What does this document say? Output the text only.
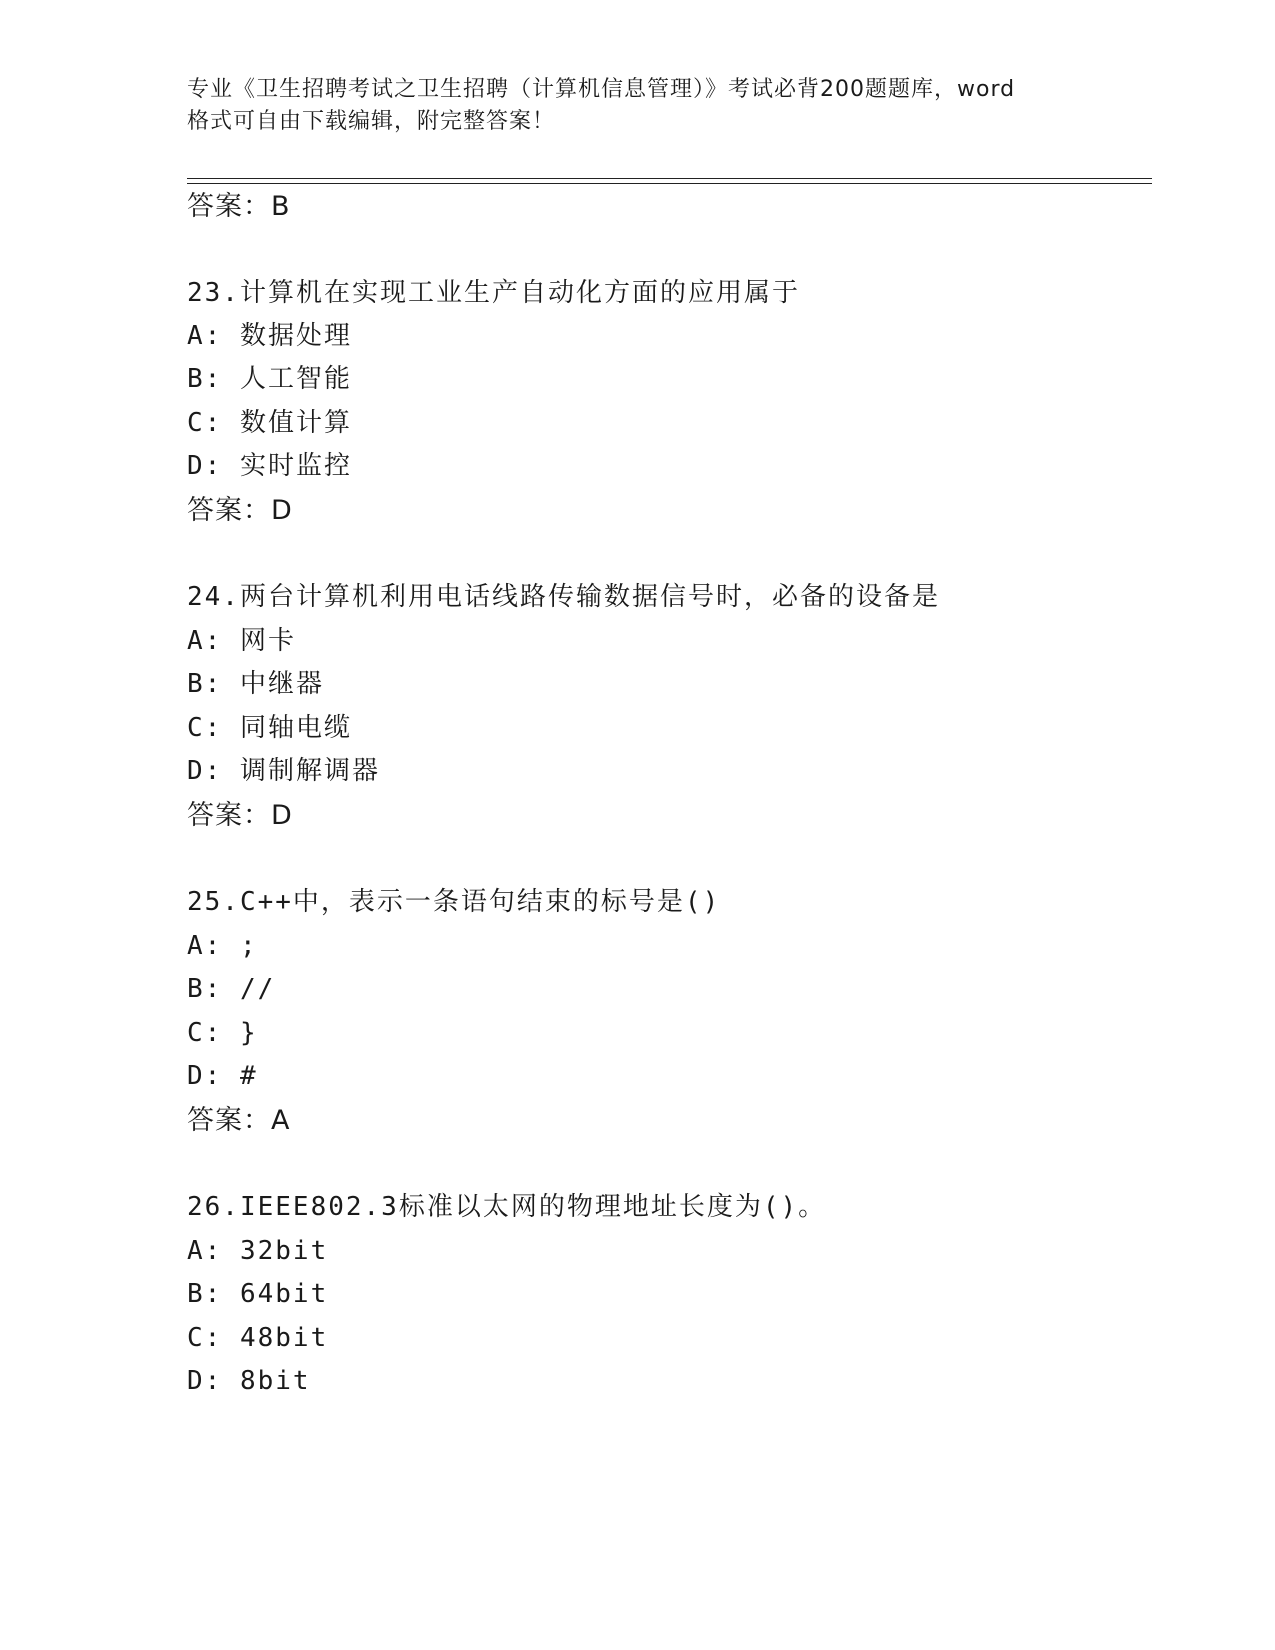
专业《卫生招聘考试之卫生招聘（计算机信息管理）》考试必背200题题库，word
格式可自由下载编辑，附完整答案！
答案：B
23.计算机在实现工业生产自动化方面的应用属于
A: 数据处理
B: 人工智能
C: 数值计算
D: 实时监控
答案：D
24.两台计算机利用电话线路传输数据信号时，必备的设备是
A: 网卡
B: 中继器
C: 同轴电缆
D: 调制解调器
答案：D
25.C++中，表示一条语句结束的标号是()
A: ;
B: //
C: }
D: #
答案：A
26.IEEE802.3标准以太网的物理地址长度为()。
A: 32bit
B: 64bit
C: 48bit
D: 8bit
